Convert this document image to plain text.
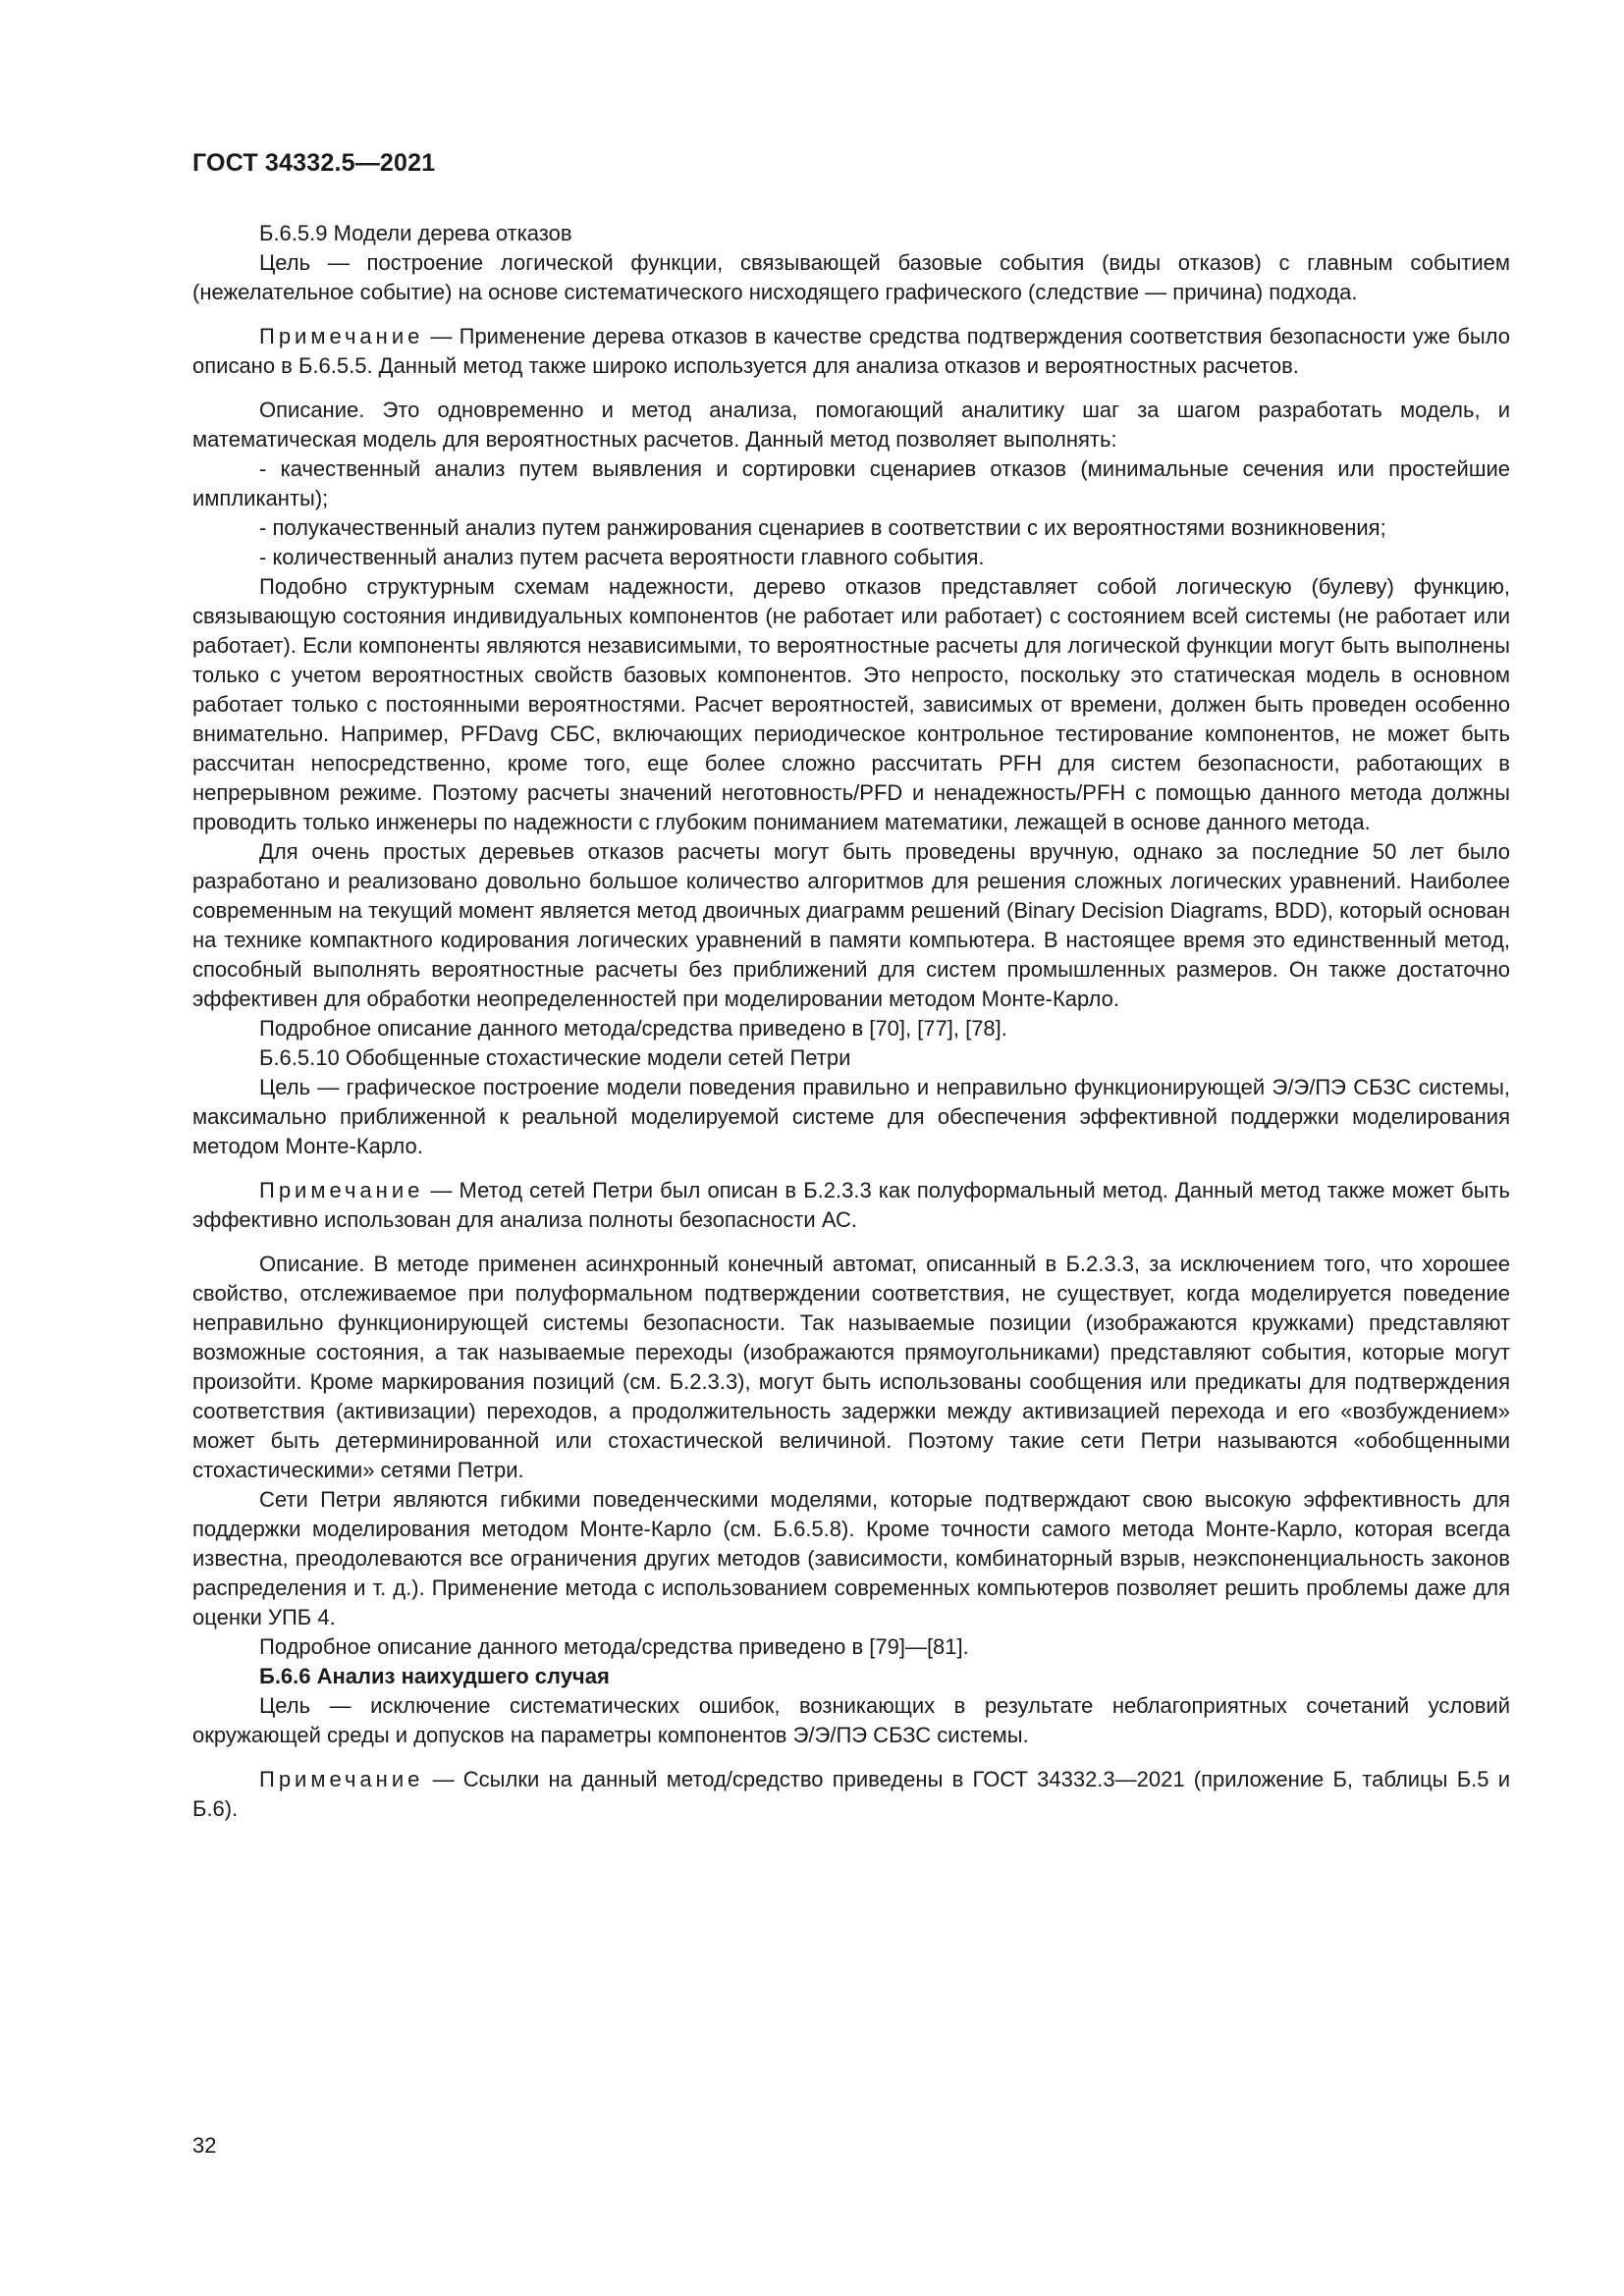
ГОСТ 34332.5—2021

Б.6.5.9 Модели дерева отказов

Цель — построение логической функции, связывающей базовые события (виды отказов) с главным событием (нежелательное событие) на основе систематического нисходящего графического (следствие — причина) подхода.

Примечание — Применение дерева отказов в качестве средства подтверждения соответствия безопасности уже было описано в Б.6.5.5. Данный метод также широко используется для анализа отказов и вероятностных расчетов.

Описание. Это одновременно и метод анализа, помогающий аналитику шаг за шагом разработать модель, и математическая модель для вероятностных расчетов. Данный метод позволяет выполнять:

- качественный анализ путем выявления и сортировки сценариев отказов (минимальные сечения или простейшие импликанты);

- полукачественный анализ путем ранжирования сценариев в соответствии с их вероятностями возникновения;

- количественный анализ путем расчета вероятности главного события.

Подобно структурным схемам надежности, дерево отказов представляет собой логическую (булеву) функцию, связывающую состояния индивидуальных компонентов (не работает или работает) с состоянием всей системы (не работает или работает). Если компоненты являются независимыми, то вероятностные расчеты для логической функции могут быть выполнены только с учетом вероятностных свойств базовых компонентов. Это непросто, поскольку это статическая модель в основном работает только с постоянными вероятностями. Расчет вероятностей, зависимых от времени, должен быть проведен особенно внимательно. Например, PFDavg СБС, включающих периодическое контрольное тестирование компонентов, не может быть рассчитан непосредственно, кроме того, еще более сложно рассчитать PFH для систем безопасности, работающих в непрерывном режиме. Поэтому расчеты значений неготовность/PFD и ненадежность/PFH с помощью данного метода должны проводить только инженеры по надежности с глубоким пониманием математики, лежащей в основе данного метода.

Для очень простых деревьев отказов расчеты могут быть проведены вручную, однако за последние 50 лет было разработано и реализовано довольно большое количество алгоритмов для решения сложных логических уравнений. Наиболее современным на текущий момент является метод двоичных диаграмм решений (Binary Decision Diagrams, BDD), который основан на технике компактного кодирования логических уравнений в памяти компьютера. В настоящее время это единственный метод, способный выполнять вероятностные расчеты без приближений для систем промышленных размеров. Он также достаточно эффективен для обработки неопределенностей при моделировании методом Монте-Карло.

Подробное описание данного метода/средства приведено в [70], [77], [78].

Б.6.5.10 Обобщенные стохастические модели сетей Петри

Цель — графическое построение модели поведения правильно и неправильно функционирующей Э/Э/ПЭ СБЗС системы, максимально приближенной к реальной моделируемой системе для обеспечения эффективной поддержки моделирования методом Монте-Карло.

Примечание — Метод сетей Петри был описан в Б.2.3.3 как полуформальный метод. Данный метод также может быть эффективно использован для анализа полноты безопасности АС.

Описание. В методе применен асинхронный конечный автомат, описанный в Б.2.3.3, за исключением того, что хорошее свойство, отслеживаемое при полуформальном подтверждении соответствия, не существует, когда моделируется поведение неправильно функционирующей системы безопасности. Так называемые позиции (изображаются кружками) представляют возможные состояния, а так называемые переходы (изображаются прямоугольниками) представляют события, которые могут произойти. Кроме маркирования позиций (см. Б.2.3.3), могут быть использованы сообщения или предикаты для подтверждения соответствия (активизации) переходов, а продолжительность задержки между активизацией перехода и его «возбуждением» может быть детерминированной или стохастической величиной. Поэтому такие сети Петри называются «обобщенными стохастическими» сетями Петри.

Сети Петри являются гибкими поведенческими моделями, которые подтверждают свою высокую эффективность для поддержки моделирования методом Монте-Карло (см. Б.6.5.8). Кроме точности самого метода Монте-Карло, которая всегда известна, преодолеваются все ограничения других методов (зависимости, комбинаторный взрыв, неэкспоненциальность законов распределения и т. д.). Применение метода с использованием современных компьютеров позволяет решить проблемы даже для оценки УПБ 4.

Подробное описание данного метода/средства приведено в [79]—[81].

Б.6.6 Анализ наихудшего случая

Цель — исключение систематических ошибок, возникающих в результате неблагоприятных сочетаний условий окружающей среды и допусков на параметры компонентов Э/Э/ПЭ СБЗС системы.

Примечание — Ссылки на данный метод/средство приведены в ГОСТ 34332.3—2021 (приложение Б, таблицы Б.5 и Б.6).

32
